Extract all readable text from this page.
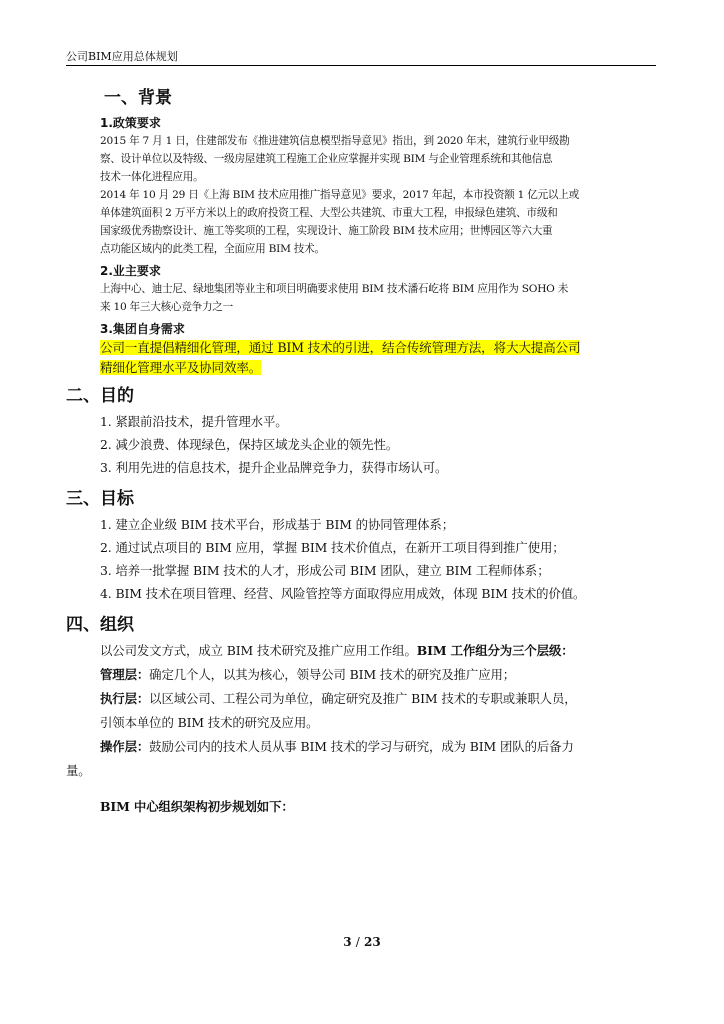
公司BIM应用总体规划
一、背景
1.政策要求
2015 年 7 月 1 日，住建部发布《推进建筑信息模型指导意见》指出，到 2020 年末，建筑行业甲级勘
察、设计单位以及特级、一级房屋建筑工程施工企业应掌握并实现 BIM 与企业管理系统和其他信息
技术一体化进程应用。
2014 年 10 月 29 日《上海 BIM 技术应用推广指导意见》要求，2017 年起，本市投资额 1 亿元以上或
单体建筑面积 2 万平方米以上的政府投资工程、大型公共建筑、市重大工程，申报绿色建筑、市级和
国家级优秀勘察设计、施工等奖项的工程，实现设计、施工阶段 BIM 技术应用；世博园区等六大重
点功能区域内的此类工程，全面应用 BIM 技术。
2.业主要求
上海中心、迪士尼、绿地集团等业主和项目明确要求使用 BIM 技术潘石屹将 BIM 应用作为 SOHO 未
来 10 年三大核心竞争力之一
3.集团自身需求
公司一直提倡精细化管理，通过 BIM 技术的引进，结合传统管理方法，将大大提高公司
精细化管理水平及协同效率。
二、目的
1. 紧跟前沿技术，提升管理水平。
2. 减少浪费、体现绿色，保持区域龙头企业的领先性。
3. 利用先进的信息技术，提升企业品牌竞争力，获得市场认可。
三、目标
1. 建立企业级 BIM 技术平台，形成基于 BIM 的协同管理体系；
2. 通过试点项目的 BIM 应用，掌握 BIM 技术价值点，在新开工项目得到推广使用；
3. 培养一批掌握 BIM 技术的人才，形成公司 BIM 团队，建立 BIM 工程师体系；
4. BIM 技术在项目管理、经营、风险管控等方面取得应用成效，体现 BIM 技术的价值。
四、组织
以公司发文方式，成立 BIM 技术研究及推广应用工作组。BIM 工作组分为三个层级：
管理层：确定几个人，以其为核心，领导公司 BIM 技术的研究及推广应用；
执行层：以区域公司、工程公司为单位，确定研究及推广 BIM 技术的专职或兼职人员，
引领本单位的 BIM 技术的研究及应用。
操作层：鼓励公司内的技术人员从事 BIM 技术的学习与研究，成为 BIM 团队的后备力
量。
BIM 中心组织架构初步规划如下：
3 / 23
